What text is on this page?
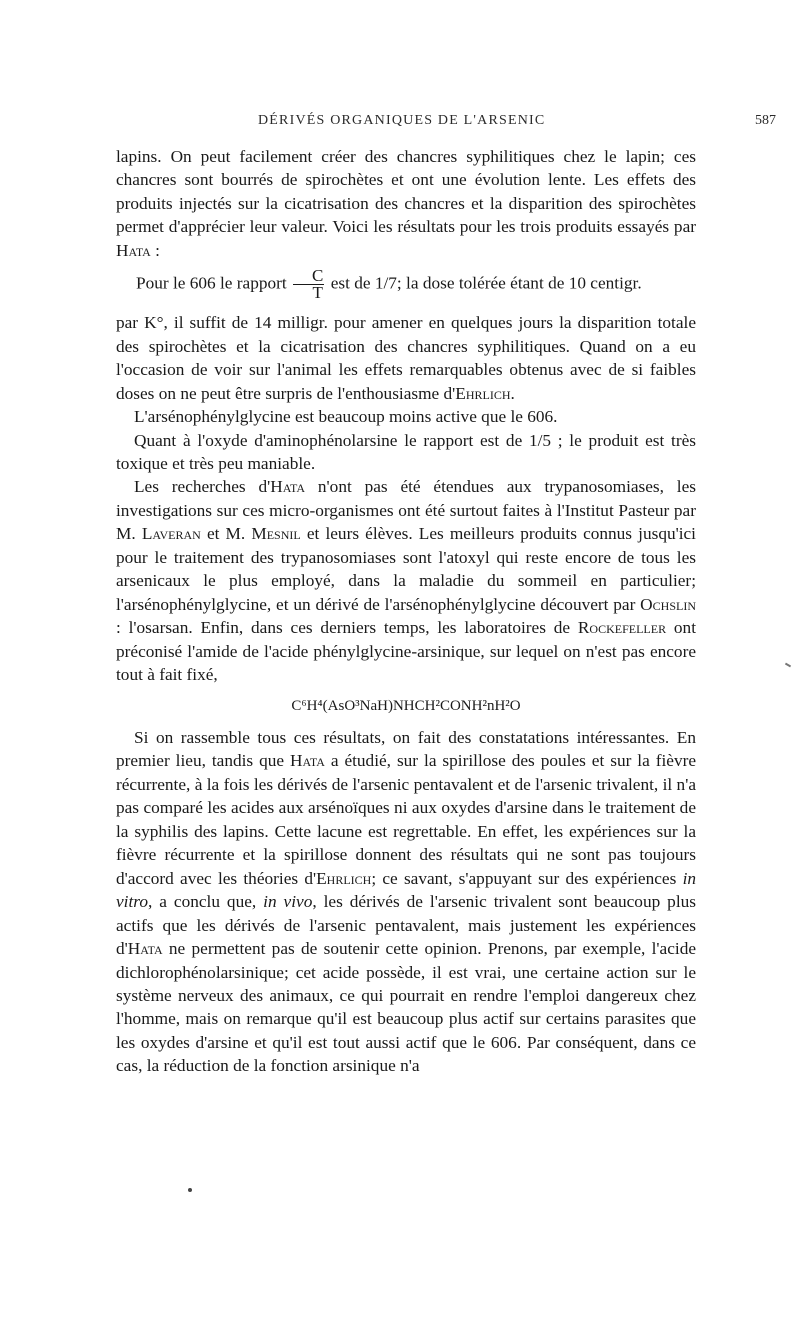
DÉRIVÉS ORGANIQUES DE L'ARSENIC	587

lapins. On peut facilement créer des chancres syphilitiques chez le lapin; ces chancres sont bourrés de spirochètes et ont une évolution lente. Les effets des produits injectés sur la cicatrisation des chancres et la disparition des spirochètes permet d'apprécier leur valeur. Voici les résultats pour les trois produits essayés par Hata :

Pour le 606 le rapport $\frac{C}{T}$ est de 1/7; la dose tolérée étant de 10 centigr.

par K°, il suffit de 14 milligr. pour amener en quelques jours la disparition totale des spirochètes et la cicatrisation des chancres syphilitiques. Quand on a eu l'occasion de voir sur l'animal les effets remarquables obtenus avec de si faibles doses on ne peut être surpris de l'enthousiasme d'Ehrlich.

L'arsénophénylglycine est beaucoup moins active que le 606.

Quant à l'oxyde d'aminophénolarsine le rapport est de 1/5 ; le produit est très toxique et très peu maniable.

Les recherches d'Hata n'ont pas été étendues aux trypanosomiases, les investigations sur ces micro-organismes ont été surtout faites à l'Institut Pasteur par M. Laveran et M. Mesnil et leurs élèves. Les meilleurs produits connus jusqu'ici pour le traitement des trypanosomiases sont l'atoxyl qui reste encore de tous les arsenicaux le plus employé, dans la maladie du sommeil en particulier; l'arsénophénylglycine, et un dérivé de l'arsénophénylglycine découvert par Ochslin : l'osarsan. Enfin, dans ces derniers temps, les laboratoires de Rockefeller ont préconisé l'amide de l'acide phénylglycine-arsinique, sur lequel on n'est pas encore tout à fait fixé,

C⁶H⁴(AsO³NaH)NHCH²CONH²nH²O

Si on rassemble tous ces résultats, on fait des constatations intéressantes. En premier lieu, tandis que Hata a étudié, sur la spirillose des poules et sur la fièvre récurrente, à la fois les dérivés de l'arsenic pentavalent et de l'arsenic trivalent, il n'a pas comparé les acides aux arsénoïques ni aux oxydes d'arsine dans le traitement de la syphilis des lapins. Cette lacune est regrettable. En effet, les expériences sur la fièvre récurrente et la spirillose donnent des résultats qui ne sont pas toujours d'accord avec les théories d'Ehrlich; ce savant, s'appuyant sur des expériences in vitro, a conclu que, in vivo, les dérivés de l'arsenic trivalent sont beaucoup plus actifs que les dérivés de l'arsenic pentavalent, mais justement les expériences d'Hata ne permettent pas de soutenir cette opinion. Prenons, par exemple, l'acide dichlorophénolarsinique; cet acide possède, il est vrai, une certaine action sur le système nerveux des animaux, ce qui pourrait en rendre l'emploi dangereux chez l'homme, mais on remarque qu'il est beaucoup plus actif sur certains parasites que les oxydes d'arsine et qu'il est tout aussi actif que le 606. Par conséquent, dans ce cas, la réduction de la fonction arsinique n'a
